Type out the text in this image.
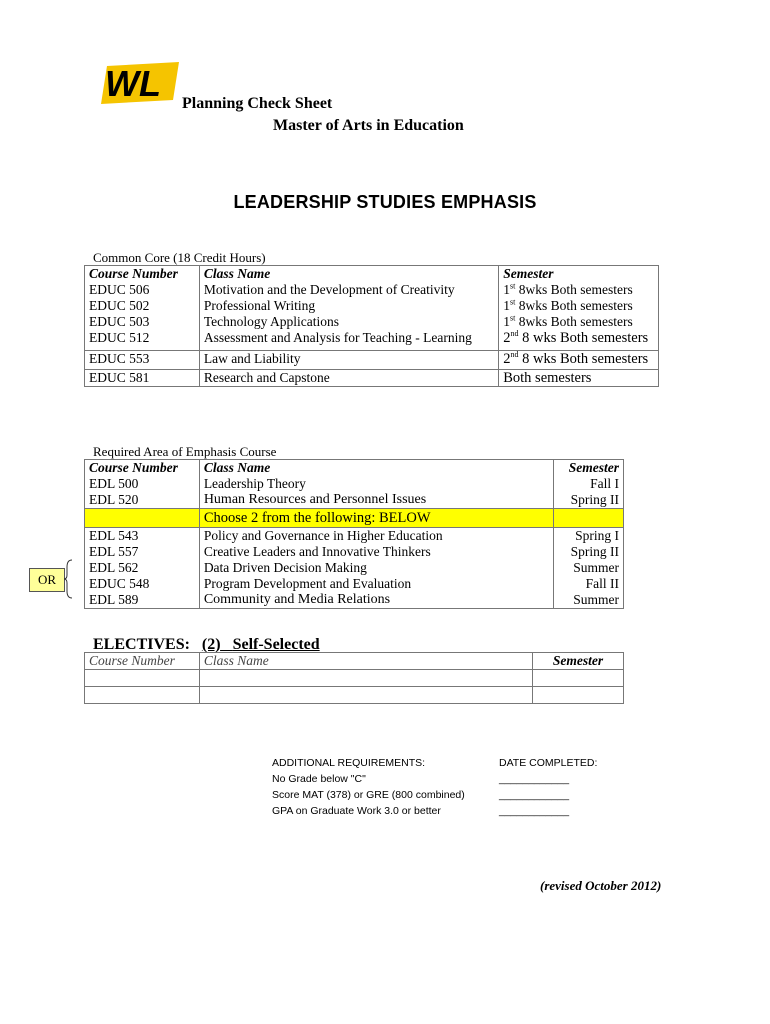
WL Planning Check Sheet
Master of Arts in Education
LEADERSHIP STUDIES EMPHASIS
Common Core (18 Credit Hours)
Course Number	Class Name	Semester
EDUC 506	Motivation and the Development of Creativity	1st 8wks Both semesters
EDUC 502	Professional Writing	1st 8wks Both semesters
EDUC 503	Technology Applications	1st 8wks Both semesters
EDUC 512	Assessment and Analysis for Teaching - Learning	2nd 8 wks Both semesters
EDUC 553	Law and Liability	2nd 8 wks Both semesters
EDUC 581	Research and Capstone	Both semesters
Required Area of Emphasis Course
Course Number	Class Name	Semester
EDL 500	Leadership Theory	Fall I
EDL 520	Human Resources and Personnel Issues	Spring II
	Choose 2 from the following: BELOW	
EDL 543	Policy and Governance in Higher Education	Spring I
EDL 557	Creative Leaders and Innovative Thinkers	Spring II
EDL 562	Data Driven Decision Making	Summer
EDUC 548	Program Development and Evaluation	Fall II
EDL 589	Community and Media Relations	Summer
OR
ELECTIVES: (2) Self-Selected
Course Number	Class Name	Semester

ADDITIONAL REQUIREMENTS:
No Grade below "C"
Score MAT (378) or GRE (800 combined)
GPA on Graduate Work 3.0 or better
DATE COMPLETED:
____________
____________
____________
(revised October 2012)
